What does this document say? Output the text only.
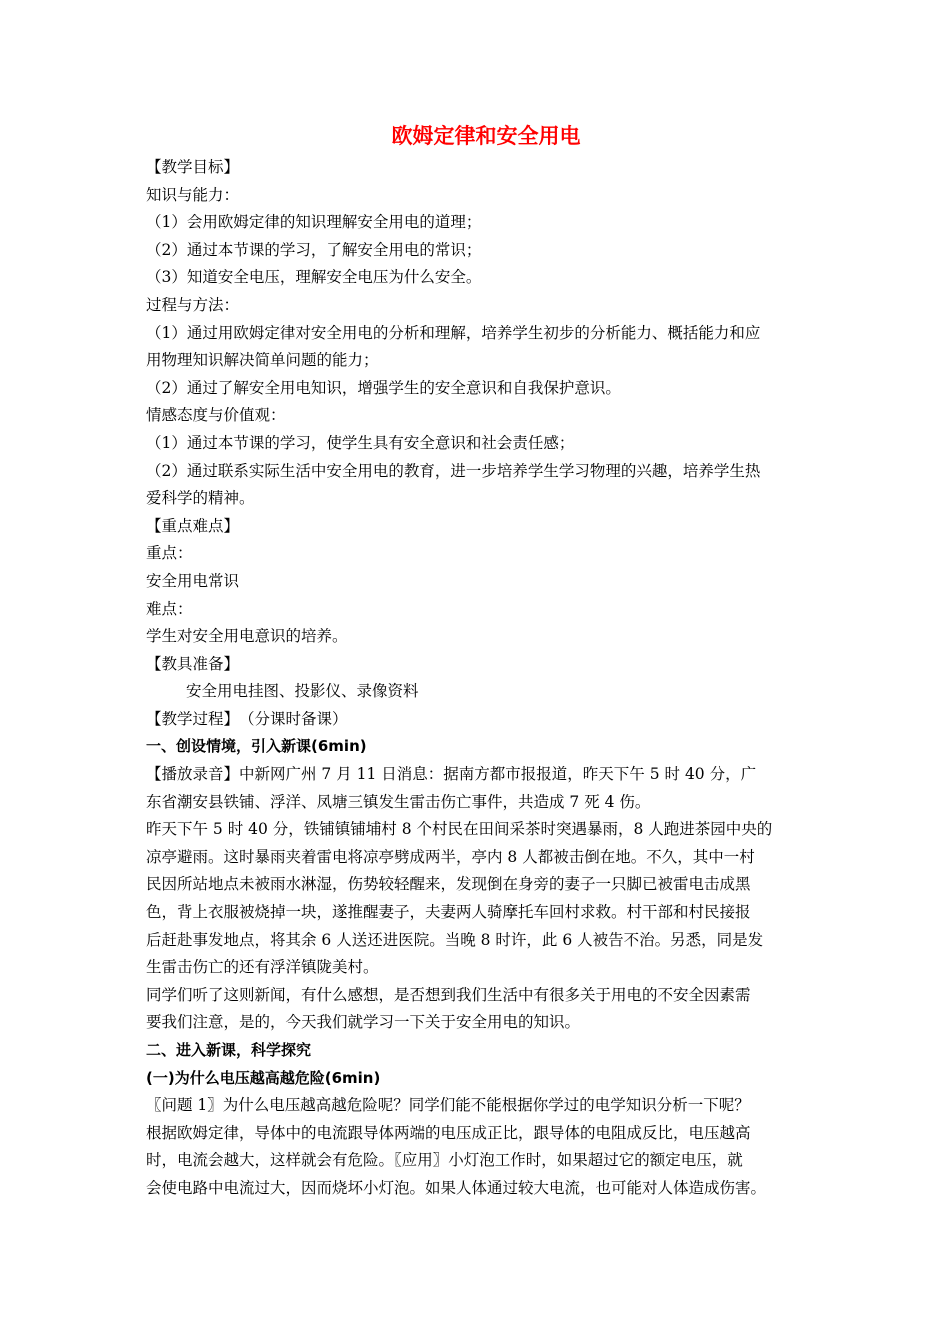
欧姆定律和安全用电
【教学目标】
知识与能力：
（1）会用欧姆定律的知识理解安全用电的道理；
（2）通过本节课的学习，了解安全用电的常识；
（3）知道安全电压，理解安全电压为什么安全。
过程与方法：
（1）通过用欧姆定律对安全用电的分析和理解，培养学生初步的分析能力、概括能力和应
用物理知识解决简单问题的能力；
（2）通过了解安全用电知识，增强学生的安全意识和自我保护意识。
情感态度与价值观：
（1）通过本节课的学习，使学生具有安全意识和社会责任感；
（2）通过联系实际生活中安全用电的教育，进一步培养学生学习物理的兴趣，培养学生热
爱科学的精神。
【重点难点】
重点：
安全用电常识
难点：
学生对安全用电意识的培养。
【教具准备】
安全用电挂图、投影仪、录像资料
【教学过程】　（分课时备课）
一、创设情境，引入新课(6min)
【播放录音】中新网广州 7 月 11 日消息：据南方都市报报道，昨天下午 5 时 40 分，广
东省潮安县铁铺、浮洋、凤塘三镇发生雷击伤亡事件，共造成 7 死 4 伤。
昨天下午 5 时 40 分，铁铺镇铺埔村 8 个村民在田间采茶时突遇暴雨，8 人跑进茶园中央的
凉亭避雨。这时暴雨夹着雷电将凉亭劈成两半，亭内 8 人都被击倒在地。不久，其中一村
民因所站地点未被雨水淋湿，伤势较轻醒来，发现倒在身旁的妻子一只脚已被雷电击成黑
色，背上衣服被烧掉一块，遂推醒妻子，夫妻两人骑摩托车回村求救。村干部和村民接报
后赶赴事发地点，将其余 6 人送还进医院。当晚 8 时许，此 6 人被告不治。另悉，同是发
生雷击伤亡的还有浮洋镇陇美村。
同学们听了这则新闻，有什么感想，是否想到我们生活中有很多关于用电的不安全因素需
要我们注意，是的，今天我们就学习一下关于安全用电的知识。
二、进入新课，科学探究
(一)为什么电压越高越危险(6min)
〖问题 1〗为什么电压越高越危险呢？同学们能不能根据你学过的电学知识分析一下呢？
根据欧姆定律，导体中的电流跟导体两端的电压成正比，跟导体的电阻成反比，电压越高
时，电流会越大，这样就会有危险。〖应用〗小灯泡工作时，如果超过它的额定电压，就
会使电路中电流过大，因而烧坏小灯泡。如果人体通过较大电流，也可能对人体造成伤害。
